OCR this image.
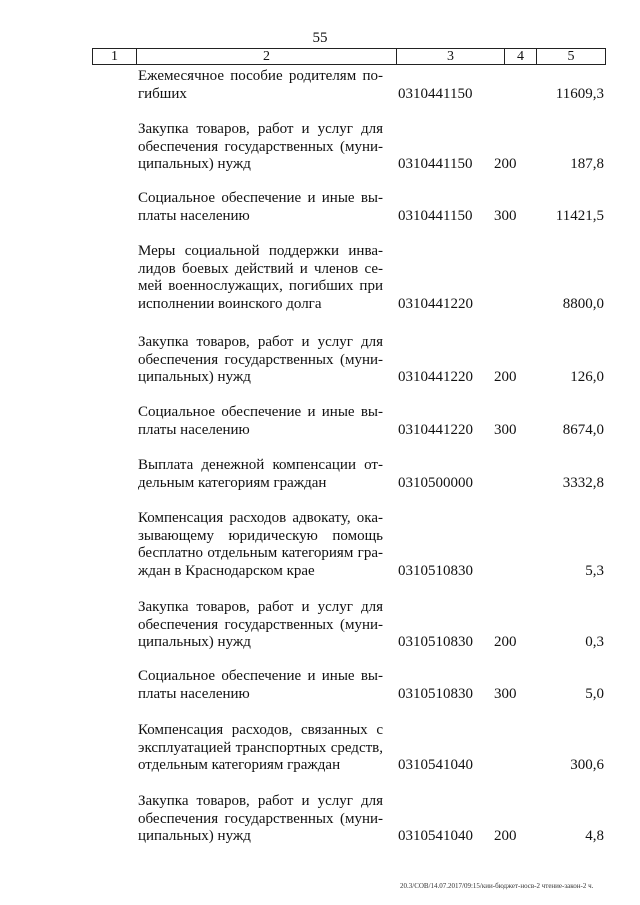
55
1	2	3	4	5
Ежемесячное пособие родителям погибших	0310441150	11609,3
Закупка товаров, работ и услуг для обеспечения государственных (муниципальных) нужд	0310441150 200	187,8
Социальное обеспечение и иные выплаты населению	0310441150 300	11421,5
Меры социальной поддержки инвалидов боевых действий и членов семей военнослужащих, погибших при исполнении воинского долга	0310441220	8800,0
Закупка товаров, работ и услуг для обеспечения государственных (муниципальных) нужд	0310441220 200	126,0
Социальное обеспечение и иные выплаты населению	0310441220 300	8674,0
Выплата денежной компенсации отдельным категориям граждан	0310500000	3332,8
Компенсация расходов адвокату, оказывающему юридическую помощь бесплатно отдельным категориям граждан в Краснодарском крае	0310510830	5,3
Закупка товаров, работ и услуг для обеспечения государственных (муниципальных) нужд	0310510830 200	0,3
Социальное обеспечение и иные выплаты населению	0310510830 300	5,0
Компенсация расходов, связанных с эксплуатацией транспортных средств, отдельным категориям граждан	0310541040	300,6
Закупка товаров, работ и услуг для обеспечения государственных (муниципальных) нужд	0310541040 200	4,8
20.3/СОВ/14.07.2017/09:15/кии-бюджет-носв-2 чтение-закон-2 ч.
